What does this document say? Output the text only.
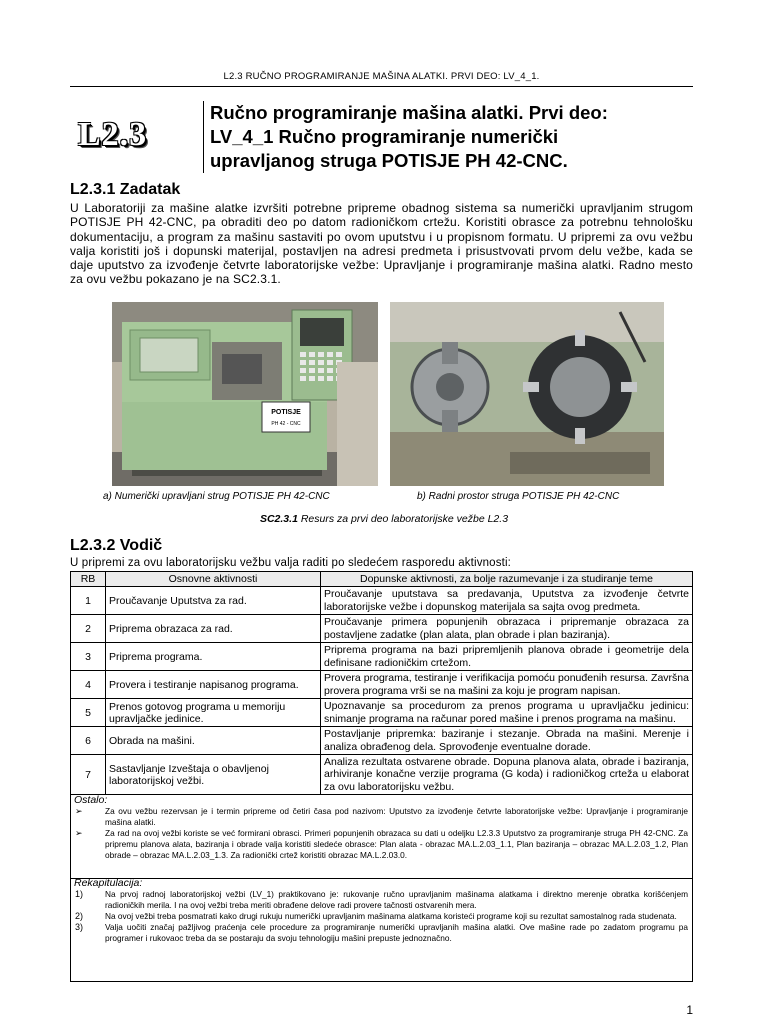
L2.3 RUČNO PROGRAMIRANJE MAŠINA ALATKI. PRVI DEO: LV_4_1.
L2.3
Ručno programiranje mašina alatki. Prvi deo:
LV_4_1 Ručno programiranje numerički
upravljanog struga POTISJE PH 42-CNC.
L2.3.1 Zadatak
U Laboratoriji za mašine alatke izvršiti potrebne pripreme obadnog sistema sa numerički upravljanim strugom POTISJE PH 42-CNC, pa obraditi deo po datom radioničkom crtežu. Koristiti obrasce za potrebnu tehnološku dokumentaciju, a program za mašinu sastaviti po ovom uputstvu i u propisnom formatu. U pripremi za ovu vežbu valja koristiti još i dopunski materijal, postavljen na adresi predmeta i prisustvovati prvom delu vežbe, kada se daje uputstvo za izvođenje četvrte laboratorijske vežbe: Upravljanje i programiranje mašina alatki. Radno mesto za ovu vežbu pokazano je na SC2.3.1.
POTISJE
PH 42 - CNC
a) Numerički upravljani strug POTISJE PH 42-CNC	b) Radni prostor struga POTISJE PH 42-CNC
SC2.3.1 Resurs za prvi deo laboratorijske vežbe L2.3
L2.3.2 Vodič
U pripremi za ovu laboratorijsku vežbu valja raditi po sledećem rasporedu aktivnosti:
RB	Osnovne aktivnosti	Dopunske aktivnosti, za bolje razumevanje i za studiranje teme
1	Proučavanje Uputstva za rad.	Proučavanje uputstava sa predavanja, Uputstva za izvođenje četvrte laboratorijske vežbe i dopunskog materijala sa sajta ovog predmeta.
2	Priprema obrazaca za rad.	Proučavanje primera popunjenih obrazaca i pripremanje obrazaca za postavljene zadatke (plan alata, plan obrade i plan baziranja).
3	Priprema programa.	Priprema programa na bazi pripremljenih planova obrade i geometrije dela definisane radioničkim crtežom.
4	Provera i testiranje napisanog programa.	Provera programa, testiranje i verifikacija pomoću ponuđenih resursa. Završna provera programa vrši se na mašini za koju je program napisan.
5	Prenos gotovog programa u memoriju upravljačke jedinice.	Upoznavanje sa procedurom za prenos programa u upravljačku jedinicu: snimanje programa na računar pored mašine i prenos programa na mašinu.
6	Obrada na mašini.	Postavljanje pripremka: baziranje i stezanje. Obrada na mašini. Merenje i analiza obrađenog dela. Sprovođenje eventualne dorade.
7	Sastavljanje Izveštaja o obavljenoj laboratorijskoj vežbi.	Analiza rezultata ostvarene obrade. Dopuna planova alata, obrade i baziranja, arhiviranje konačne verzije programa (G koda) i radioničkog crteža u elaborat za ovu laboratorijsku vežbu.
Ostalo:
➢	Za ovu vežbu rezervsan je i termin pripreme od četiri časa pod nazivom: Uputstvo za izvođenje četvrte laboratorijske vežbe: Upravljanje i programiranje mašina alatki.
➢	Za rad na ovoj vežbi koriste se već formirani obrasci. Primeri popunjenih obrazaca su dati u odeljku L2.3.3 Uputstvo za programiranje struga PH 42-CNC. Za pripremu planova alata, baziranja i obrade valja koristiti sledeće obrasce: Plan alata - obrazac MA.L.2.03_1.1, Plan baziranja – obrazac MA.L.2.03_1.2, Plan obrade – obrazac MA.L.2.03_1.3. Za radionički crtež koristiti obrazac MA.L.2.03.0.
Rekapitulacija:
1)	Na prvoj radnoj laboratorijskoj vežbi (LV_1) praktikovano je: rukovanje ručno upravljanim mašinama alatkama i direktno merenje obratka korišćenjem radioničkih merila. I na ovoj vežbi treba meriti obrađene delove radi provere tačnosti ostvarenih mera.
2)	Na ovoj vežbi treba posmatrati kako drugi rukuju numerički upravljanim mašinama alatkama koristeći programe koji su rezultat samostalnog rada studenata.
3)	Valja uočiti značaj pažljivog praćenja cele procedure za programiranje numerički upravljanih mašina alatki. Ove mašine rade po zadatom programu pa programer i rukovaoc treba da se postaraju da svoju tehnologiju mašini prepuste jednoznačno.
1
